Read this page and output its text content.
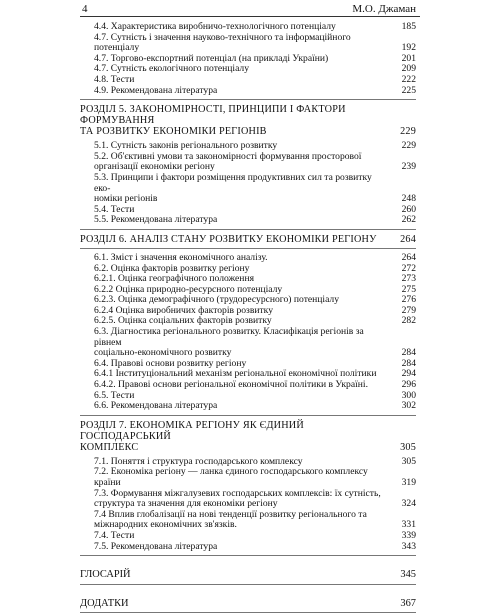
4	М.О. Джаман
4.4. Характеристика виробничо-технологічного потенціалу	185
4.7. Сутність і значення науково-технічного та інформаційного потенціалу	192
4.7. Торгово-експортний потенціал (на прикладі України)	201
4.7. Сутність екологічного потенціалу	209
4.8. Тести	222
4.9. Рекомендована література	225
РОЗДІЛ 5. ЗАКОНОМІРНОСТІ, ПРИНЦИПИ І ФАКТОРИ ФОРМУВАННЯ
ТА РОЗВИТКУ ЕКОНОМІКИ РЕГІОНІВ	229
5.1. Сутність законів регіонального розвитку	229
5.2. Об'єктивні умови та закономірності формування просторової
організації економіки регіону	239
5.3. Принципи і фактори розміщення продуктивних сил та розвитку еко-
номіки регіонів	248
5.4. Тести	260
5.5. Рекомендована література	262
РОЗДІЛ 6. АНАЛІЗ СТАНУ РОЗВИТКУ ЕКОНОМІКИ РЕГІОНУ	264
6.1. Зміст і значення економічного аналізу.	264
6.2. Оцінка факторів розвитку регіону	272
6.2.1. Оцінка географічного положення	273
6.2.2 Оцінка природно-ресурсного потенціалу	275
6.2.3. Оцінка демографічного (трудоресурсного) потенціалу	276
6.2.4 Оцінка виробничих факторів розвитку	279
6.2.5. Оцінка соціальних факторів розвитку	282
6.3. Діагностика регіонального розвитку. Класифікація регіонів за рівнем
соціально-економічного розвитку	284
6.4. Правові основи розвитку регіону	284
6.4.1 Інституціональний механізм регіональної економічної політики	294
6.4.2. Правові основи регіональної економічної політики в Україні.	296
6.5. Тести	300
6.6. Рекомендована література	302
РОЗДІЛ 7. ЕКОНОМІКА РЕГІОНУ ЯК ЄДИНИЙ ГОСПОДАРСЬКИЙ
КОМПЛЕКС	305
7.1. Поняття і структура господарського комплексу	305
7.2. Економіка регіону — ланка єдиного господарського комплексу країни	319
7.3. Формування міжгалузевих господарських комплексів: їх сутність,
структура та значення для економіки регіону	324
7.4 Вплив глобалізації на нові тенденції розвитку регіонального та
міжнародних економічних зв'язків.	331
7.4. Тести	339
7.5. Рекомендована література	343
ГЛОСАРІЙ	345
ДОДАТКИ	367
